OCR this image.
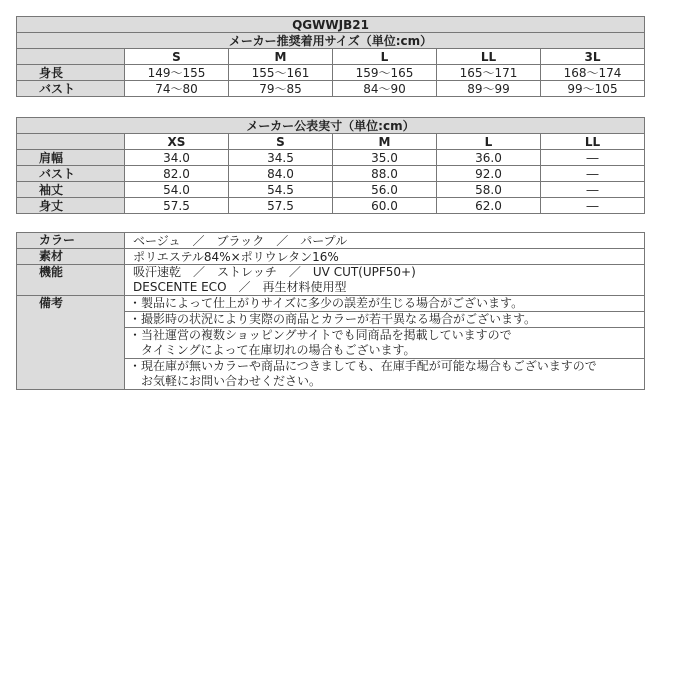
QGWWJB21					
メーカー推奨着用サイズ（単位:cm）					
	S	M	L	LL	3L
身長	149～155	155～161	159～165	165～171	168～174
バスト	74～80	79～85	84～90	89～99	99～105
メーカー公表実寸（単位:cm）					
	XS	S	M	L	LL
肩幅	34.0	34.5	35.0	36.0	―
バスト	82.0	84.0	88.0	92.0	―
袖丈	54.0	54.5	56.0	58.0	―
身丈	57.5	57.5	60.0	62.0	―
カラー	ベージュ　／　ブラック　／　パープル
素材	ポリエステル84%×ポリウレタン16%
機能	吸汗速乾　／　ストレッチ　／　UV CUT(UPF50+)
DESCENTE ECO　／　再生材料使用型

備考	・製品によって仕上がりサイズに多少の誤差が生じる場合がございます。

	・撮影時の状況により実際の商品とカラーが若干異なる場合がございます。

	・当社運営の複数ショッピングサイトでも同商品を掲載していますので
　タイミングによって在庫切れの場合もございます。

	・現在庫が無いカラーや商品につきましても、在庫手配が可能な場合もございますので
　お気軽にお問い合わせください。
